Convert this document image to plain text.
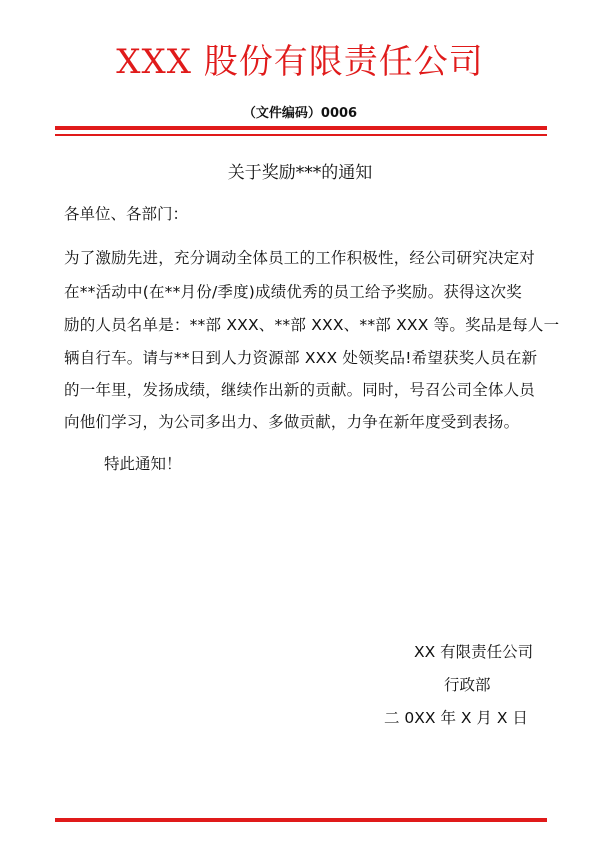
XXX 股份有限责任公司
（文件编码）0006
关于奖励***的通知
各单位、各部门：
为了激励先进，充分调动全体员工的工作积极性，经公司研究决定对
在**活动中(在**月份/季度)成绩优秀的员工给予奖励。获得这次奖
励的人员名单是：**部 XXX、**部 XXX、**部 XXX 等。奖品是每人一
辆自行车。请与**日到人力资源部 XXX 处领奖品!希望获奖人员在新
的一年里，发扬成绩，继续作出新的贡献。同时，号召公司全体人员
向他们学习，为公司多出力、多做贡献，力争在新年度受到表扬。
特此通知！
XX 有限责任公司
行政部
二 0XX 年 X 月 X 日
